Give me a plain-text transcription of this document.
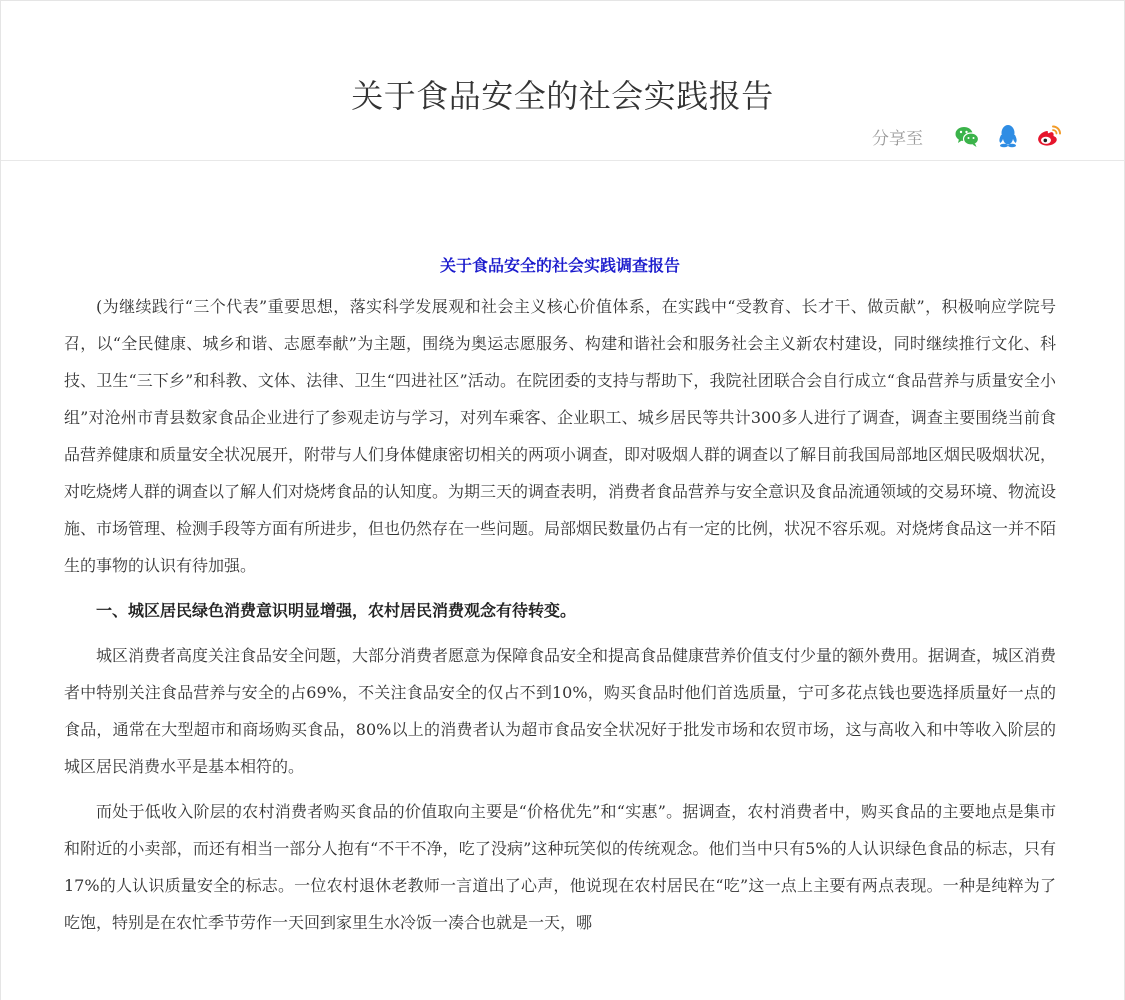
关于食品安全的社会实践报告
分享至
关于食品安全的社会实践调查报告

(为继续践行“三个代表”重要思想，落实科学发展观和社会主义核心价值体系，在实践中“受教育、长才干、做贡献”，积极响应学院号召，以“全民健康、城乡和谐、志愿奉献”为主题，围绕为奥运志愿服务、构建和谐社会和服务社会主义新农村建设，同时继续推行文化、科技、卫生“三下乡”和科教、文体、法律、卫生“四进社区”活动。在院团委的支持与帮助下，我院社团联合会自行成立“食品营养与质量安全小组”对沧州市青县数家食品企业进行了参观走访与学习，对列车乘客、企业职工、城乡居民等共计300多人进行了调查，调查主要围绕当前食品营养健康和质量安全状况展开，附带与人们身体健康密切相关的两项小调查，即对吸烟人群的调查以了解目前我国局部地区烟民吸烟状况，对吃烧烤人群的调查以了解人们对烧烤食品的认知度。为期三天的调查表明，消费者食品营养与安全意识及食品流通领域的交易环境、物流设施、市场管理、检测手段等方面有所进步，但也仍然存在一些问题。局部烟民数量仍占有一定的比例，状况不容乐观。对烧烤食品这一并不陌生的事物的认识有待加强。

一、城区居民绿色消费意识明显增强，农村居民消费观念有待转变。

城区消费者高度关注食品安全问题，大部分消费者愿意为保障食品安全和提高食品健康营养价值支付少量的额外费用。据调查，城区消费者中特别关注食品营养与安全的占69%，不关注食品安全的仅占不到10%，购买食品时他们首选质量，宁可多花点钱也要选择质量好一点的食品，通常在大型超市和商场购买食品，80%以上的消费者认为超市食品安全状况好于批发市场和农贸市场，这与高收入和中等收入阶层的城区居民消费水平是基本相符的。

而处于低收入阶层的农村消费者购买食品的价值取向主要是“价格优先”和“实惠”。据调查，农村消费者中，购买食品的主要地点是集市和附近的小卖部，而还有相当一部分人抱有“不干不净，吃了没病”这种玩笑似的传统观念。他们当中只有5%的人认识绿色食品的标志，只有17%的人认识质量安全的标志。一位农村退休老教师一言道出了心声，他说现在农村居民在“吃”这一点上主要有两点表现。一种是纯粹为了吃饱，特别是在农忙季节劳作一天回到家里生水冷饭一凑合也就是一天，哪
